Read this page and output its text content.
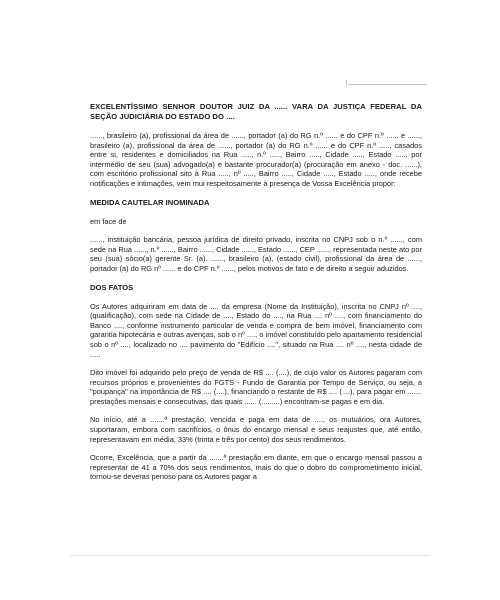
EXCELENTÍSSIMO SENHOR DOUTOR JUIZ DA ...... VARA DA JUSTIÇA FEDERAL DA SEÇÃO JUDICIÁRIA DO ESTADO DO ....

......, brasileiro (a), profissional da área de ......, portador (a) do RG n.º ...... e do CPF n.º ...... e ......, brasileiro (a), profissional da área de ......, portador (a) do RG n.º ...... e do CPF n.º ....., casados entre si, residentes e domiciliados na Rua ....., n.º ....., Bairro ....., Cidade ....., Estado ....., por intermédio de seu (sua) advogado(a) e bastante procurador(a) (procuração em anexo - doc. ......), com escritório profissional sito à Rua ....., nº ....., Bairro ....., Cidade ....., Estado ....., onde recebe notificações e intimações, vem mui respeitosamente à presença de Vossa Excelência propor:

MEDIDA CAUTELAR INOMINADA

em face de

......, instituição bancária, pessoa jurídica de direito privado, inscrita no CNPJ sob o n.º ......, com sede na Rua ......, n.º ......, Bairro ......, Cidade ......, Estado ......, CEP ......, representada neste ato por seu (sua) sócio(a) gerente Sr. (a). ......, brasileiro (a), (estado civil), profissional da área de ......, portador (a) do RG nº ...... e do CPF n.º ......, pelos motivos de fato e de direito a seguir aduzidos.

DOS FATOS

Os Autores adquiriram em data de .... da empresa (Nome da Instituição), inscrita no CNPJ nº ...., (qualificação), com sede na Cidade de ...., Estado do ...., na Rua .... nº ...., com financiamento do Banco ...., conforme instrumento particular de venda e compra de bem imóvel, financiamento com garantia hipotecária e outras avenças, sob o nº ...., o imóvel constituído pelo apartamento residencial sob o nº ...., localizado no .... pavimento do "Edifício ....", situado na Rua .... nº ...., nesta cidade de .....

Dito imóvel foi adquirido pelo preço de venda de R$ .... (....), de cujo valor os Autores pagaram com recursos próprios e provenientes do FGTS - Fundo de Garantia por Tempo de Serviço, ou seja, a "poupança" na importância de R$ .... (....), financiando o restante de R$ .... (....), para pagar em ....... prestações mensais e consecutivas, das quais ...... (.........) encontram-se pagas e em dia.

No início, até a .......ª prestação, vencida e paga em data de ...., os mutuários, ora Autores, suportaram, embora com sacrifícios, o ônus do encargo mensal e seus reajustes que, até então, representavam em média, 33% (trinta e três por cento) dos seus rendimentos.

Ocorre, Excelência, que a partir da .......ª prestação em diante, em que o encargo mensal passou a representar de 41 a 70% dos seus rendimentos, mais do que o dobro do comprometimento inicial, tornou-se deveras penoso para os Autores pagar a
